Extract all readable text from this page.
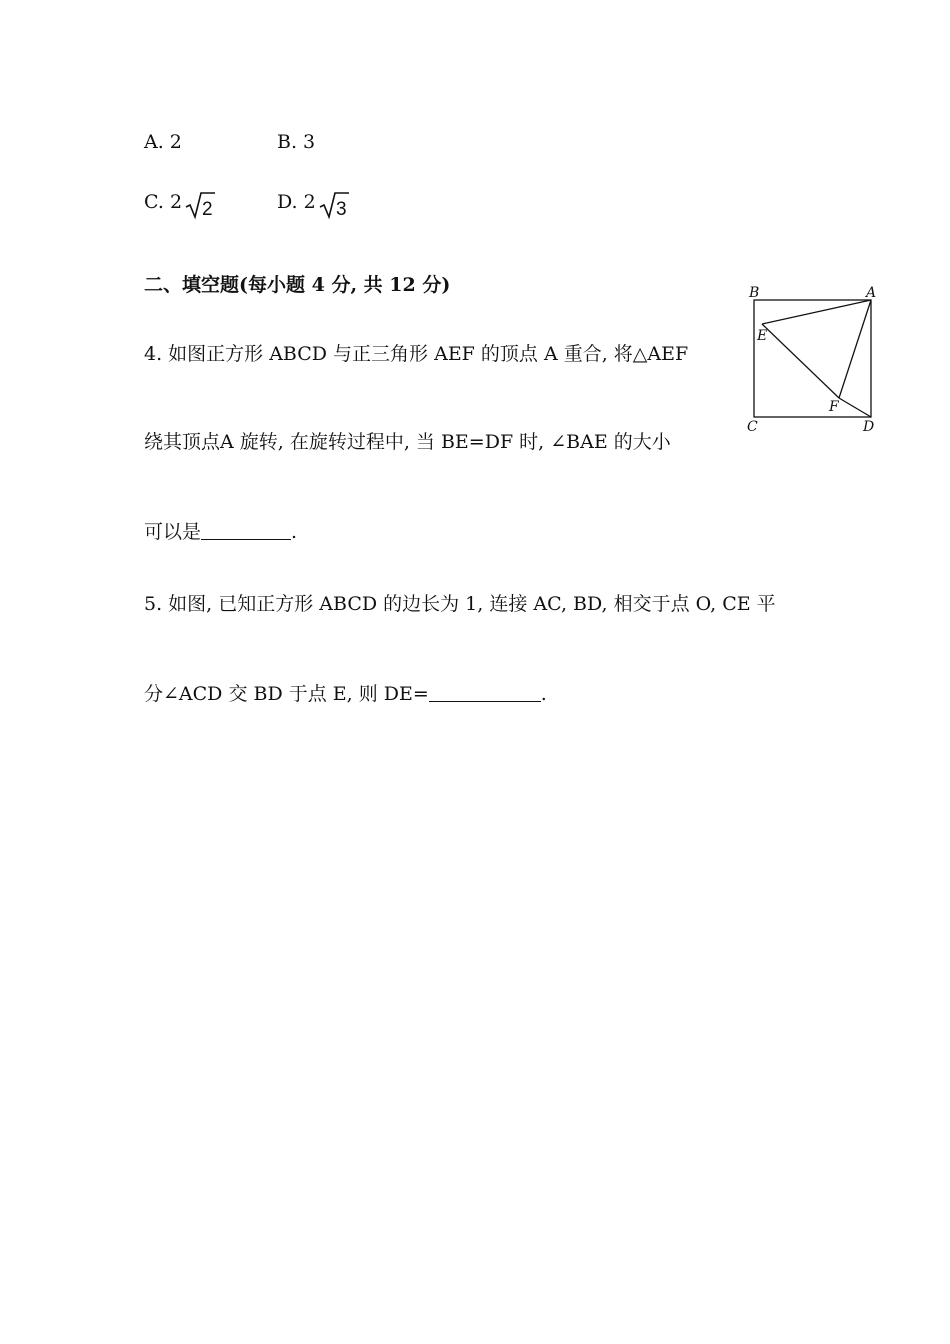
A. 2	B. 3
C. 2 2	D. 2 3
二、填空题(每小题 4 分, 共 12 分)
4. 如图正方形 ABCD 与正三角形 AEF 的顶点 A 重合, 将△AEF
绕其顶点A 旋转, 在旋转过程中, 当 BE=DF 时, ∠BAE 的大小
可以是	.
5. 如图, 已知正方形 ABCD 的边长为 1, 连接 AC, BD, 相交于点 O, CE 平
分∠ACD 交 BD 于点 E, 则 DE=	.
B	A
E
F
C	D
